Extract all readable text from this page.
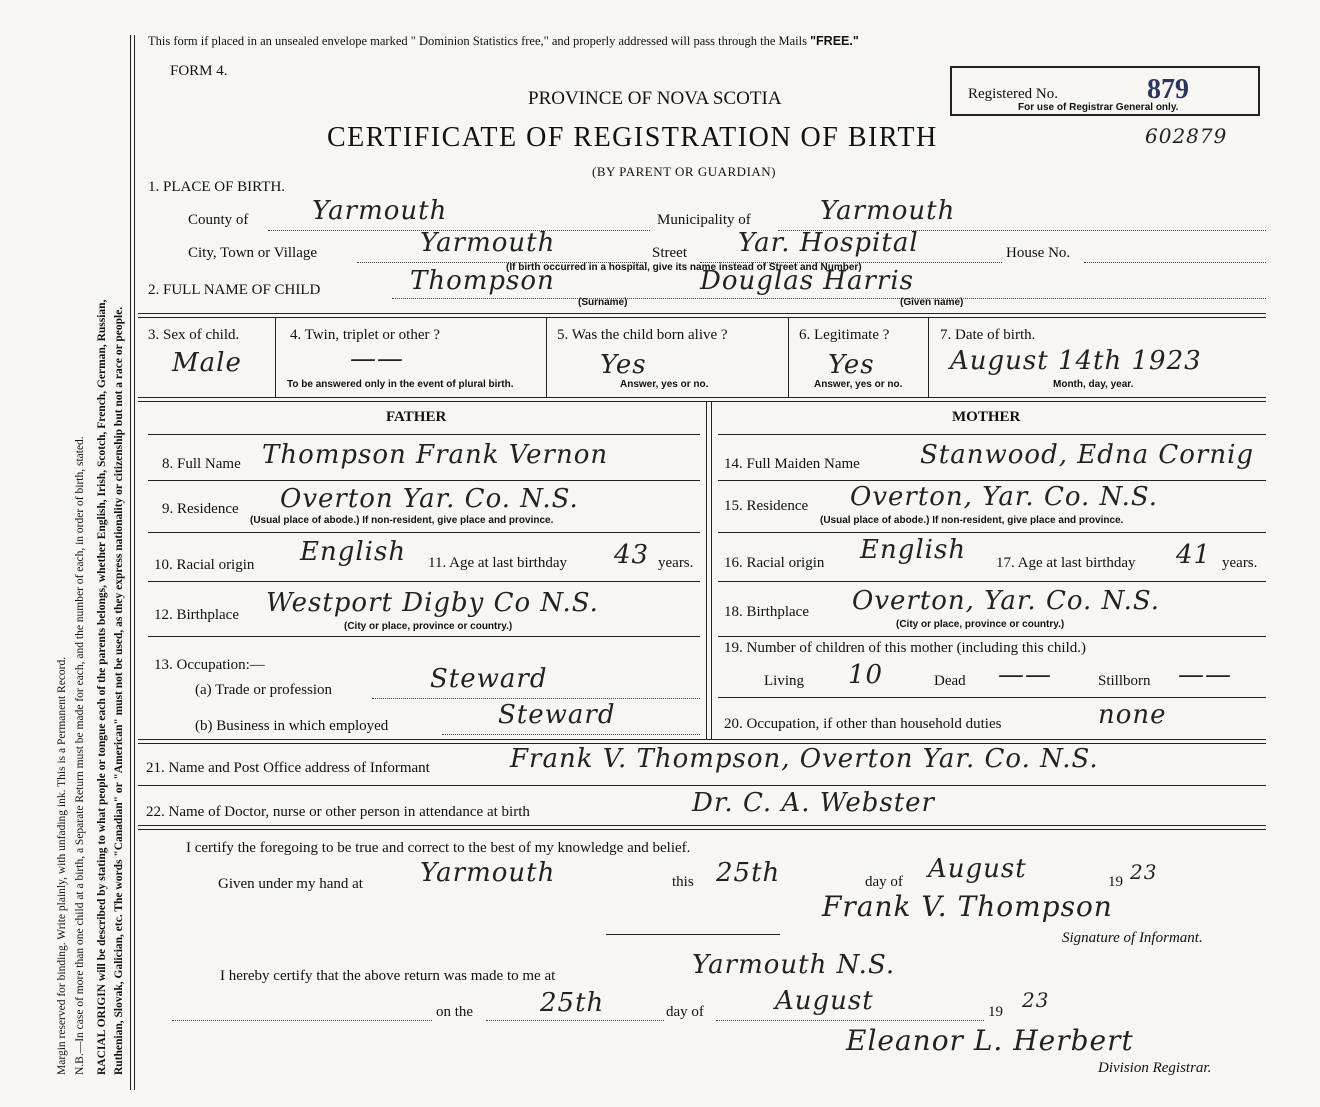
Margin reserved for binding. Write plainly, with unfading ink. This is a Permanent Record. N.B.—In case of more than one child at a birth, a Separate Return must be made for each, and the number of each, in order of birth, stated. RACIAL ORIGIN will be described by stating to what people or tongue each of the parents belongs, whether English, Irish, Scotch, French, German, Russian, Ruthenian, Slovak, Galician, etc. The words "Canadian" or "American" must not be used, as they express nationality or citizenship but not a race or people.
This form if placed in an unsealed envelope marked " Dominion Statistics free," and properly addressed will pass through the Mails "FREE."
FORM 4.
PROVINCE OF NOVA SCOTIA
CERTIFICATE OF REGISTRATION OF BIRTH
(BY PARENT OR GUARDIAN)
Registered No.	879
For use of Registrar General only.
602879
1. PLACE OF BIRTH.
County of Yarmouth	Municipality of	Yarmouth
City, Town or Village	Yarmouth	Street Yar. Hospital	House No.
(If birth occurred in a hospital, give its name instead of Street and Number)
2. FULL NAME OF CHILD	Thompson	Douglas Harris
(Surname)	(Given name)
3. Sex of child.
Male
4. Twin, triplet or other ?
——
To be answered only in the event of plural birth.
5. Was the child born alive ?
Yes
Answer, yes or no.
6. Legitimate ?
Yes
Answer, yes or no.
7. Date of birth.
August 14th 1923
Month, day, year.
FATHER	MOTHER
8. Full Name Thompson Frank Vernon
9. Residence Overton Yar. Co. N.S.
(Usual place of abode.) If non-resident, give place and province.
10. Racial origin English 11. Age at last birthday 43 years.
12. Birthplace Westport Digby Co N.S.
(City or place, province or country.)
13. Occupation:—
(a) Trade or profession	Steward
(b) Business in which employed	Steward
14. Full Maiden Name Stanwood, Edna Cornig
15. Residence Overton, Yar. Co. N.S.
(Usual place of abode.) If non-resident, give place and province.
16. Racial origin English 17. Age at last birthday 41 years.
18. Birthplace Overton, Yar. Co. N.S.
(City or place, province or country.)
19. Number of children of this mother (including this child.)
Living 10	Dead ——	Stillborn ——
20. Occupation, if other than household duties	none
21. Name and Post Office address of Informant	Frank V. Thompson, Overton Yar. Co. N.S.
22. Name of Doctor, nurse or other person in attendance at birth	Dr. C. A. Webster
I certify the foregoing to be true and correct to the best of my knowledge and belief.
Given under my hand at Yarmouth	this 25th	day of August	19 23
Frank V. Thompson
Signature of Informant.
I hereby certify that the above return was made to me at	Yarmouth N.S.
on the	25th	day of	August	19 23
Eleanor L. Herbert
Division Registrar.
